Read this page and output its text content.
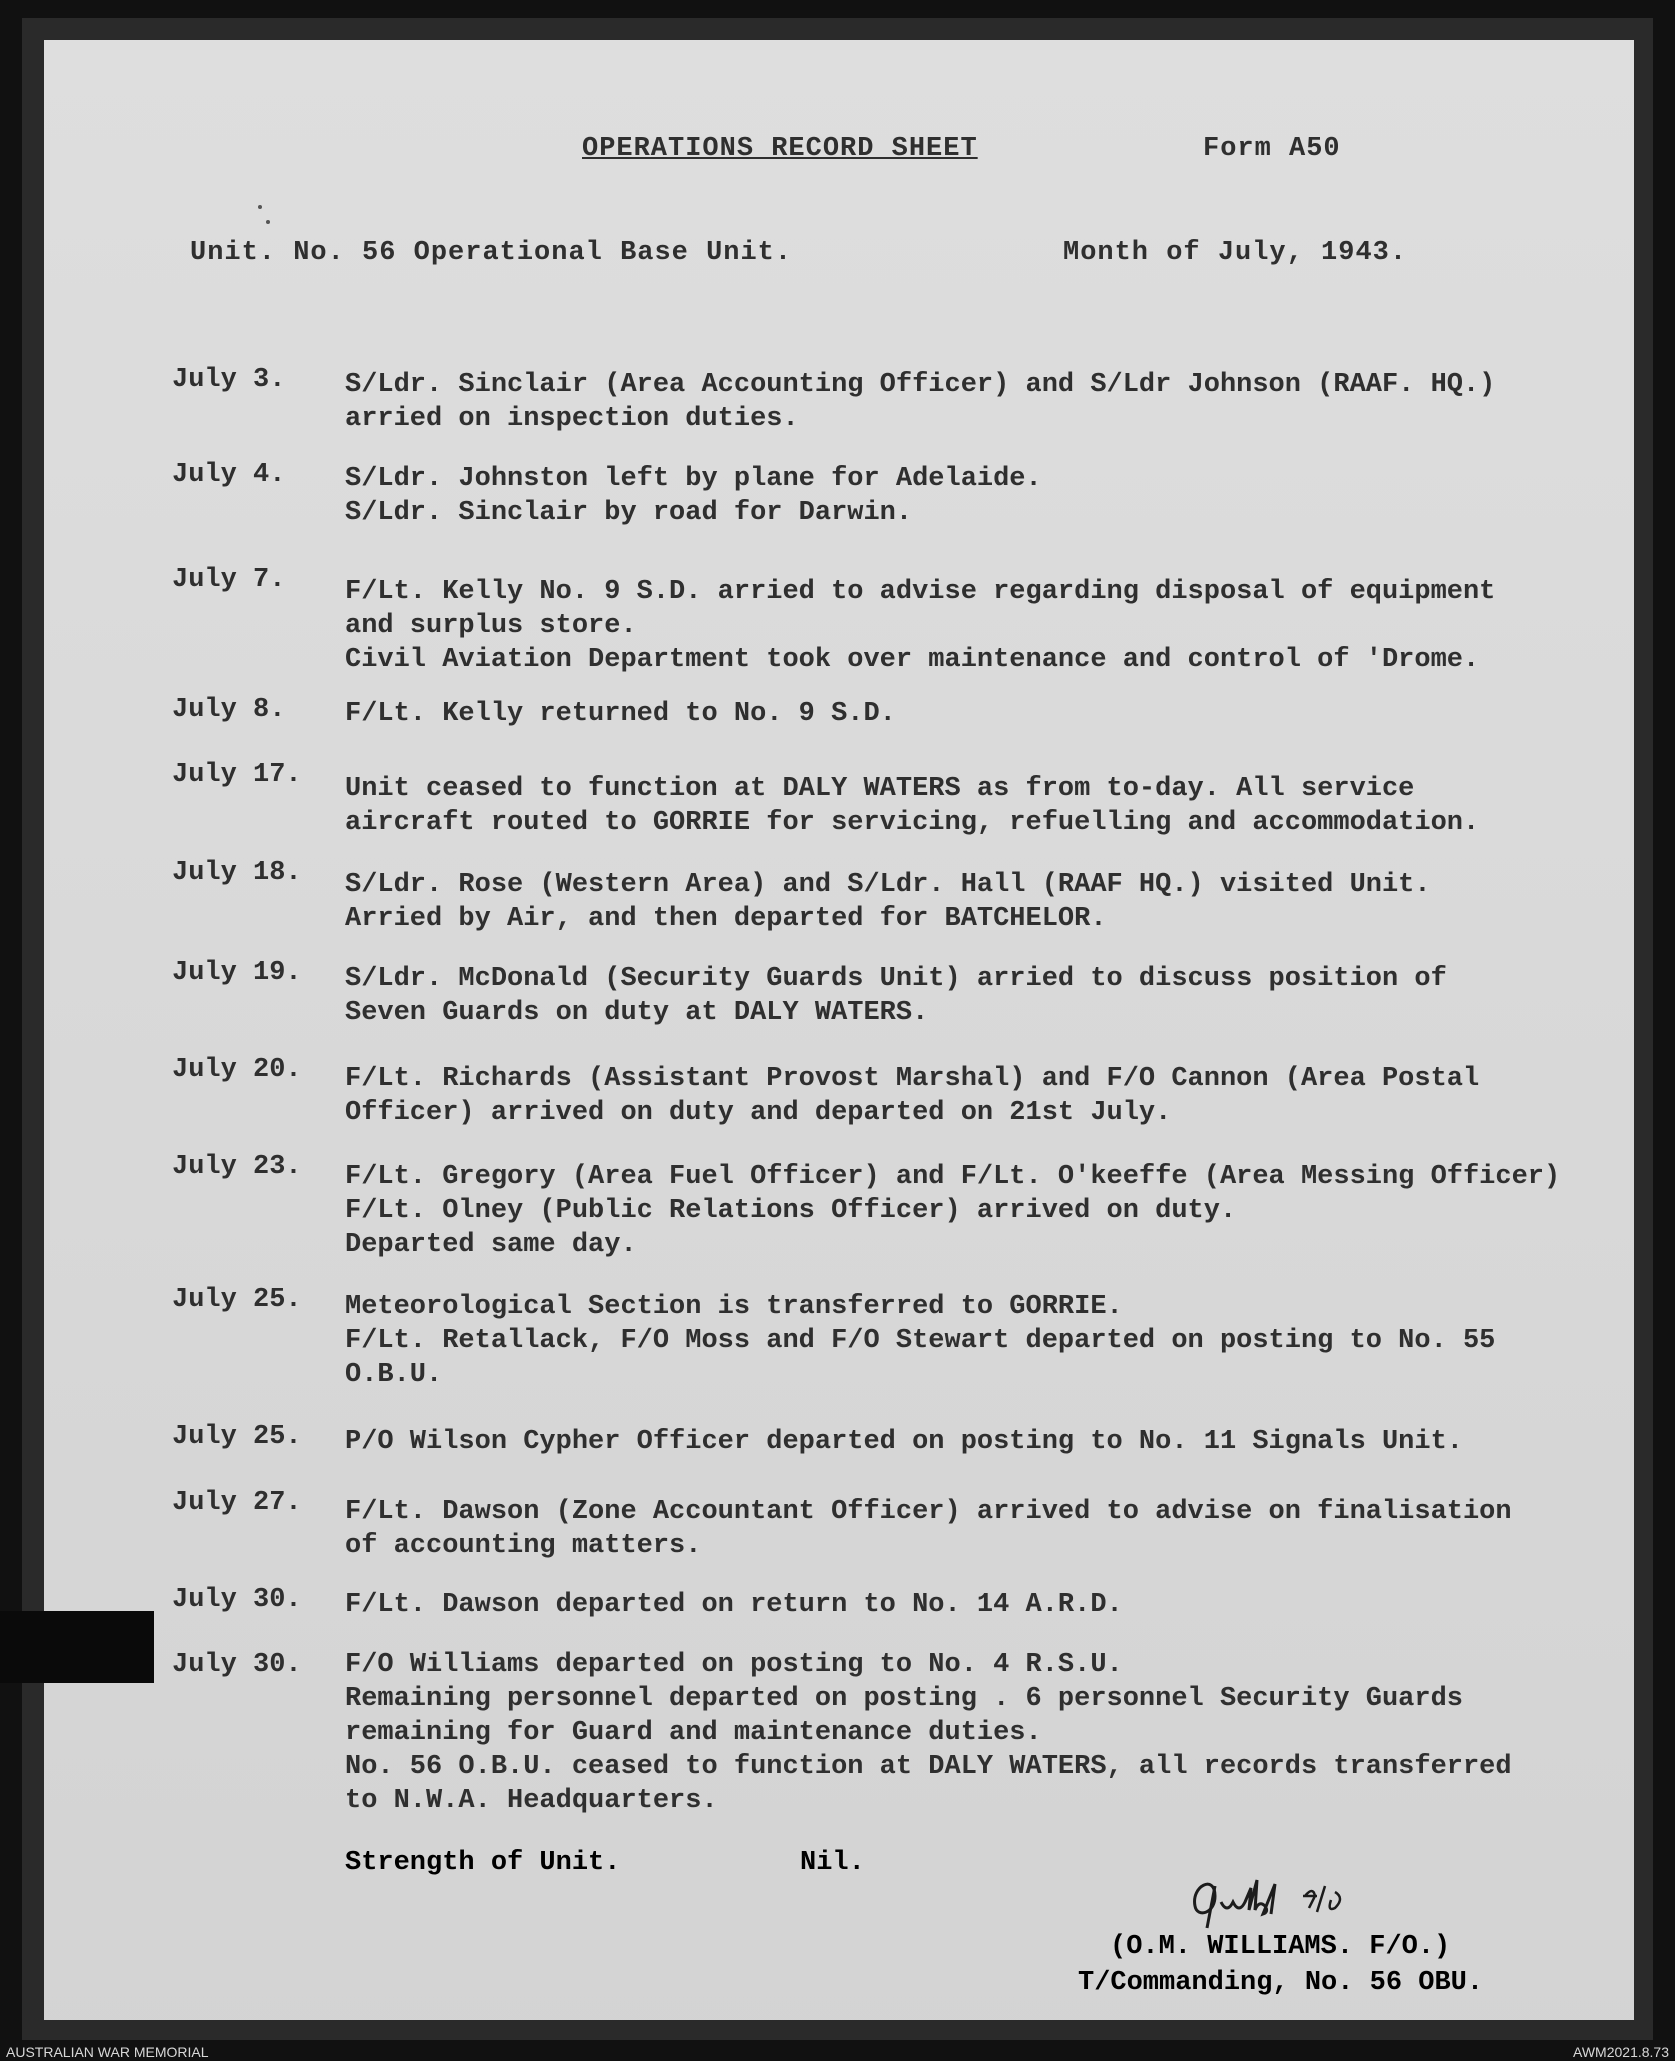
OPERATIONS RECORD SHEET	Form A50
Unit. No. 56 Operational Base Unit.	Month of July, 1943.
July 3. S/Ldr. Sinclair (Area Accounting Officer) and S/Ldr Johnson (RAAF. HQ.)
arried on inspection duties.
July 4. S/Ldr. Johnston left by plane for Adelaide.
S/Ldr. Sinclair by road for Darwin.
July 7. F/Lt. Kelly No. 9 S.D. arried to advise regarding disposal of equipment
and surplus store.
Civil Aviation Department took over maintenance and control of 'Drome.
July 8. F/Lt. Kelly returned to No. 9 S.D.
July 17. Unit ceased to function at DALY WATERS as from to-day. All service
aircraft routed to GORRIE for servicing, refuelling and accommodation.
July 18. S/Ldr. Rose (Western Area) and S/Ldr. Hall (RAAF HQ.) visited Unit.
Arried by Air, and then departed for BATCHELOR.
July 19. S/Ldr. McDonald (Security Guards Unit) arried to discuss position of
Seven Guards on duty at DALY WATERS.
July 20. F/Lt. Richards (Assistant Provost Marshal) and F/O Cannon (Area Postal
Officer) arrived on duty and departed on 21st July.
July 23. F/Lt. Gregory (Area Fuel Officer) and F/Lt. O'keeffe (Area Messing Officer)
F/Lt. Olney (Public Relations Officer) arrived on duty.
Departed same day.
July 25. Meteorological Section is transferred to GORRIE.
F/Lt. Retallack, F/O Moss and F/O Stewart departed on posting to No. 55
O.B.U.
July 25. P/O Wilson Cypher Officer departed on posting to No. 11 Signals Unit.
July 27. F/Lt. Dawson (Zone Accountant Officer) arrived to advise on finalisation
of accounting matters.
July 30. F/Lt. Dawson departed on return to No. 14 A.R.D.
July 30. F/O Williams departed on posting to No. 4 R.S.U.
Remaining personnel departed on posting . 6 personnel Security Guards
remaining for Guard and maintenance duties.
No. 56 O.B.U. ceased to function at DALY WATERS, all records transferred
to N.W.A. Headquarters.
Strength of Unit.	Nil.
(O.M. WILLIAMS. F/O.)
T/Commanding, No. 56 OBU.
AUSTRALIAN WAR MEMORIAL	AWM2021.8.73
